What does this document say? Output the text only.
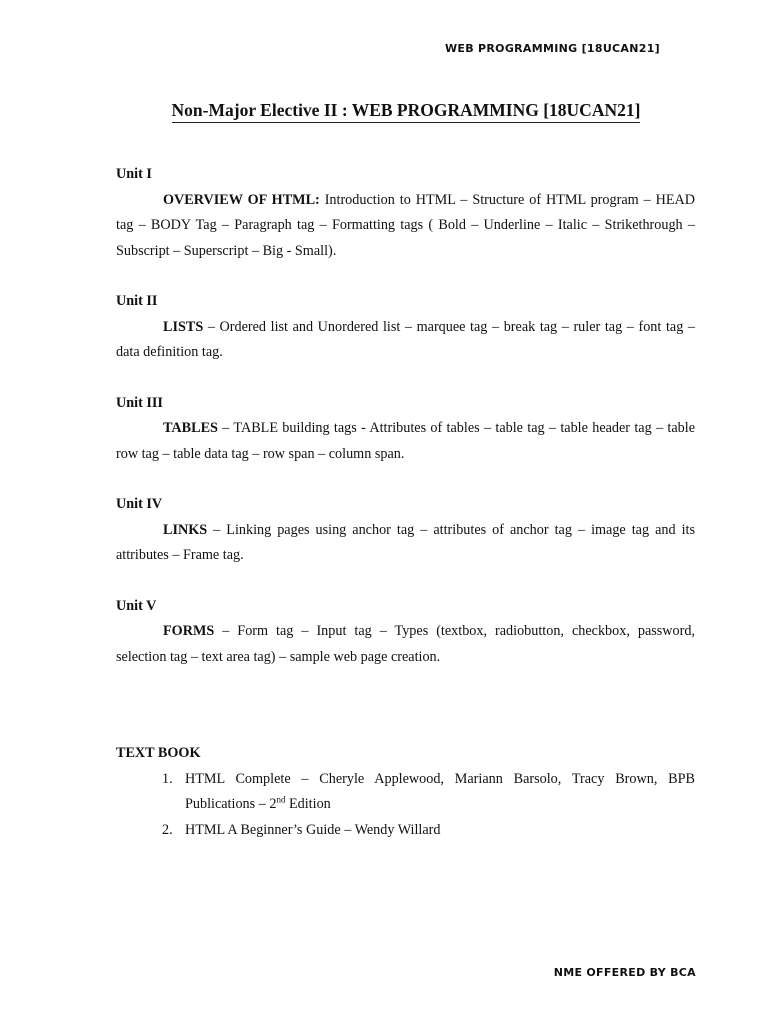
WEB PROGRAMMING [18UCAN21]
Non-Major Elective II : WEB PROGRAMMING [18UCAN21]

Unit I

OVERVIEW OF HTML: Introduction to HTML – Structure of HTML program – HEAD tag – BODY Tag – Paragraph tag – Formatting tags ( Bold – Underline – Italic – Strikethrough – Subscript – Superscript – Big - Small).

Unit II

LISTS – Ordered list and Unordered list – marquee tag – break tag – ruler tag – font tag – data definition tag.

Unit III

TABLES – TABLE building tags - Attributes of tables – table tag – table header tag – table row tag – table data tag – row span – column span.

Unit IV

LINKS – Linking pages using anchor tag – attributes of anchor tag – image tag and its attributes – Frame tag.

Unit V

FORMS – Form tag – Input tag – Types (textbox, radiobutton, checkbox, password, selection tag – text area tag) – sample web page creation.

TEXT BOOK

1. HTML Complete – Cheryle Applewood, Mariann Barsolo, Tracy Brown, BPB Publications – 2nd Edition
2. HTML A Beginner’s Guide – Wendy Willard
NME OFFERED BY BCA
